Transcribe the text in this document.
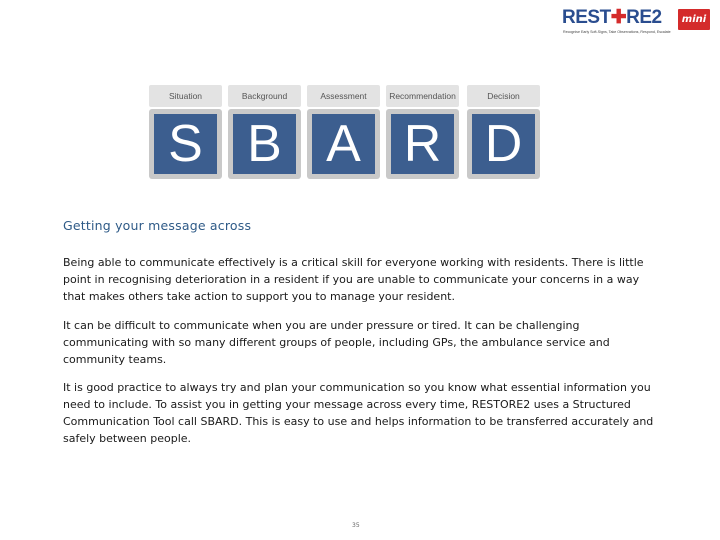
REST✚RE2	mini
Recognise Early Soft-Signs, Take Observations, Respond, Escalate
Situation
S
Background
B
Assessment
A
Recommendation
R
Decision
D
Getting your message across

Being able to communicate effectively is a critical skill for everyone working with residents. There is little point in recognising deterioration in a resident if you are unable to communicate your concerns in a way that makes others take action to support you to manage your resident.

It can be difficult to communicate when you are under pressure or tired. It can be challenging communicating with so many different groups of people, including GPs, the ambulance service and community teams.

It is good practice to always try and plan your communication so you know what essential information you need to include. To assist you in getting your message across every time, RESTORE2 uses a Structured Communication Tool call SBARD. This is easy to use and helps information to be transferred accurately and safely between people.

35
